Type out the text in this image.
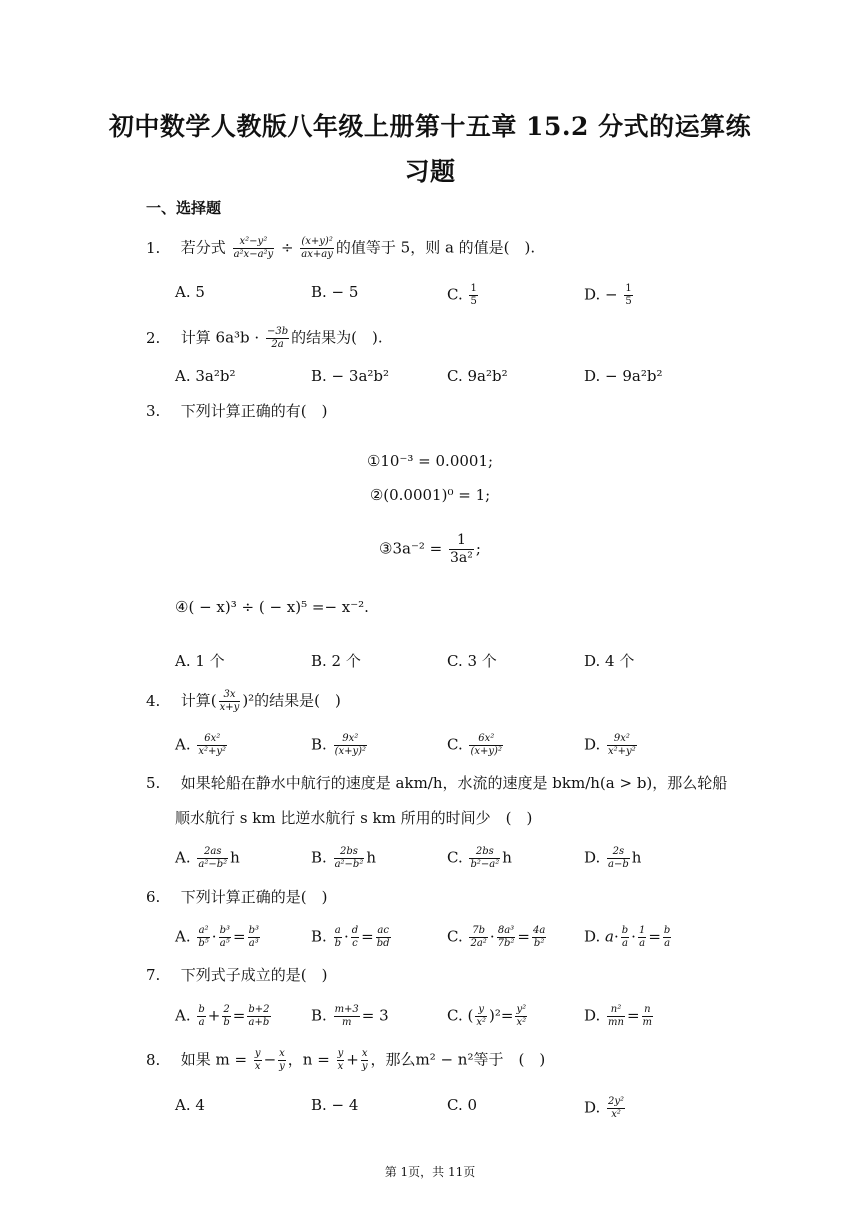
初中数学人教版八年级上册第十五章 15.2 分式的运算练
习题
一、选择题
1. 若分式 $\frac{\text{x²−y²}}{\text{a²x−a²y}} \div \frac{\text{(x+y)²}}{ax+ay}$ 的值等于 5，则 a 的值是(　).
A. 5	B. − 5	C. $\frac{1}{5}$	D. − $\frac{1}{5}$
2. 计算 $6a^3b \cdot \frac{-3b}{2a}$ 的结果为(　).
A. 3a²b²	B. − 3a²b²	C. 9a²b²	D. − 9a²b²
3. 下列计算正确的有(　)
①10⁻³ = 0.0001;
②(0.0001)⁰ = 1;
③3a⁻² = $\frac{1}{\text{3a²}}$ ;
④( − x)³ ÷ ( − x)⁵ =− x⁻².
A. 1 个	B. 2 个	C. 3 个	D. 4 个
4. 计算( $\frac{3x}{x+y} )^2$的结果是(　)
A. $\frac{\text{6x²}}{\text{x²+y²}}$	B. $\frac{\text{9x²}}{\text{(x+y)²}}$	C. $\frac{\text{6x²}}{\text{(x+y)²}}$	D. $\frac{\text{9x²}}{\text{x²+y²}}$
5. 如果轮船在静水中航行的速度是 akm/h，水流的速度是 bkm/h(a > b)，那么轮船
顺水航行 s km 比逆水航行 s km 所用的时间少　(　)
A. $\frac{2as}{\text{a²−b²}}$ h	B. $\frac{2bs}{\text{a²−b²}}$ h	C. $\frac{2bs}{\text{b²−a²}}$ h	D. $\frac{2s}{a-b}$ h
6. 下列计算正确的是(　)
A. $\frac{\text{a²}}{\text{b⁵}} \cdot \frac{\text{b³}}{\text{a⁵}} = \frac{\text{b³}}{\text{a³}}$	B. $\frac{a}{b} \cdot \frac{d}{c} = \frac{ac}{bd}$	C. $\frac{7b}{\text{2a²}} \cdot \frac{\text{8a³}}{\text{7b²}} = \frac{4a}{\text{b²}}$	D. $a\cdot \frac{b}{a} \cdot \frac{1}{a} = \frac{b}{a}$
7. 下列式子成立的是(　)
A. $\frac{b}{a} + \frac{2}{b} = \frac{b+2}{a+b}$	B. $\frac{m+3}{m} = 3$	C. ( $\frac{y}{\text{x²}} )^2= \frac{\text{y²}}{\text{x²}}$	D. $\frac{\text{n²}}{mn} = \frac{n}{m}$
8. 如果 $m = \frac{y}{x} - \frac{x}{y}$ ，$n = \frac{y}{x} + \frac{x}{y}$ ，那么m² − n²等于　(　)
A. 4	B. − 4	C. 0	D. $\frac{\text{2y²}}{\text{x²}}$
第 1页，共 11页
